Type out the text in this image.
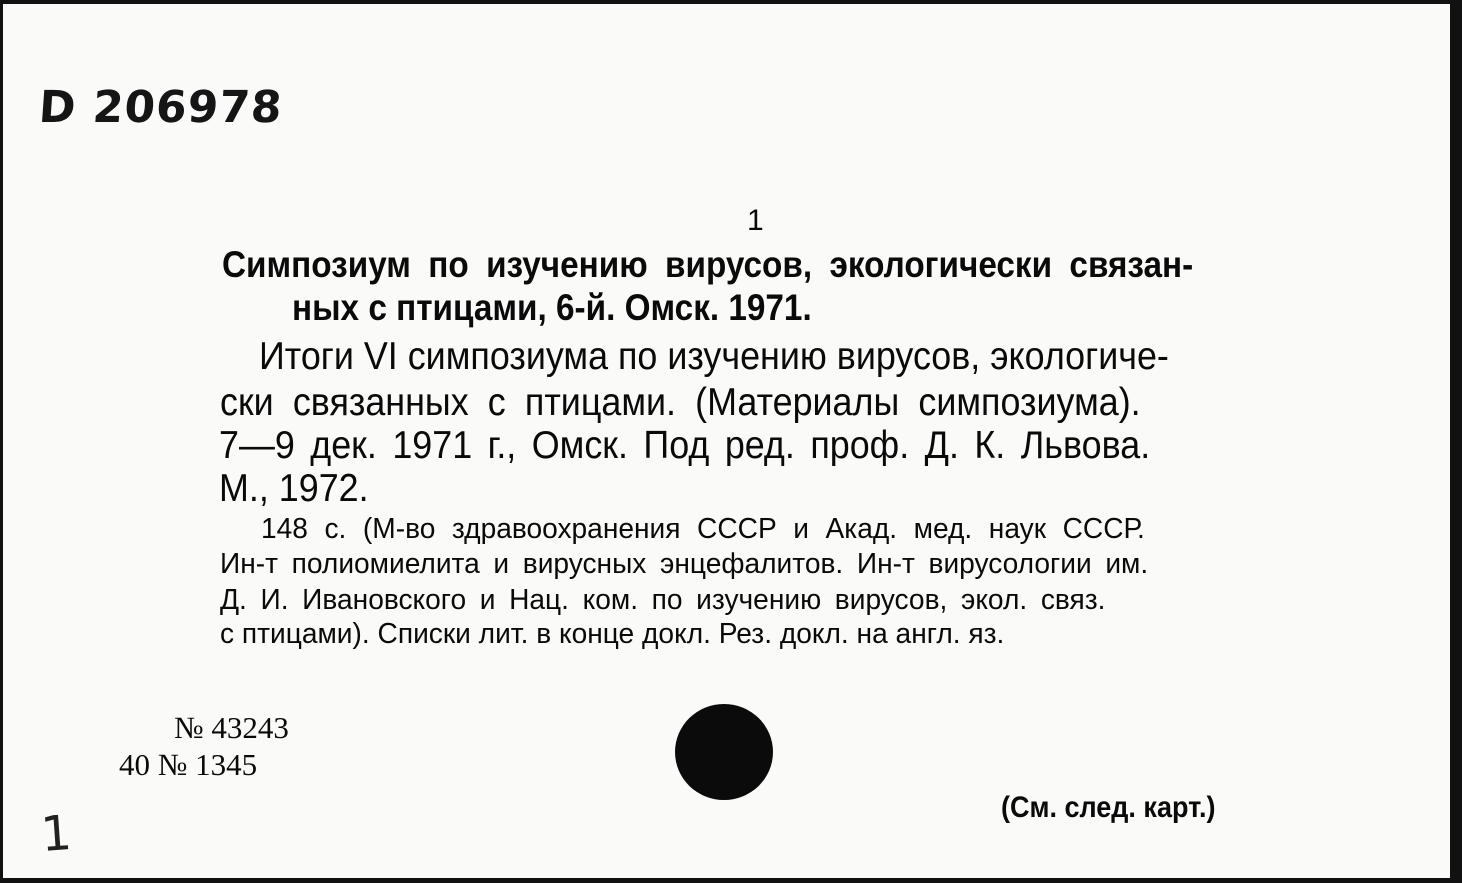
D 206978
1
Симпозиум по изучению вирусов, экологически связан-
ных с птицами, 6-й. Омск. 1971.
Итоги VI симпозиума по изучению вирусов, экологиче-
ски связанных с птицами. (Материалы симпозиума).
7—9 дек. 1971 г., Омск. Под ред. проф. Д. К. Львова.
М., 1972.
148 с. (М-во здравоохранения СССР и Акад. мед. наук СССР.
Ин-т полиомиелита и вирусных энцефалитов. Ин-т вирусологии им.
Д. И. Ивановского и Нац. ком. по изучению вирусов, экол. связ.
с птицами). Списки лит. в конце докл. Рез. докл. на англ. яз.
№ 43243
40 № 1345
(См. след. карт.)
1
